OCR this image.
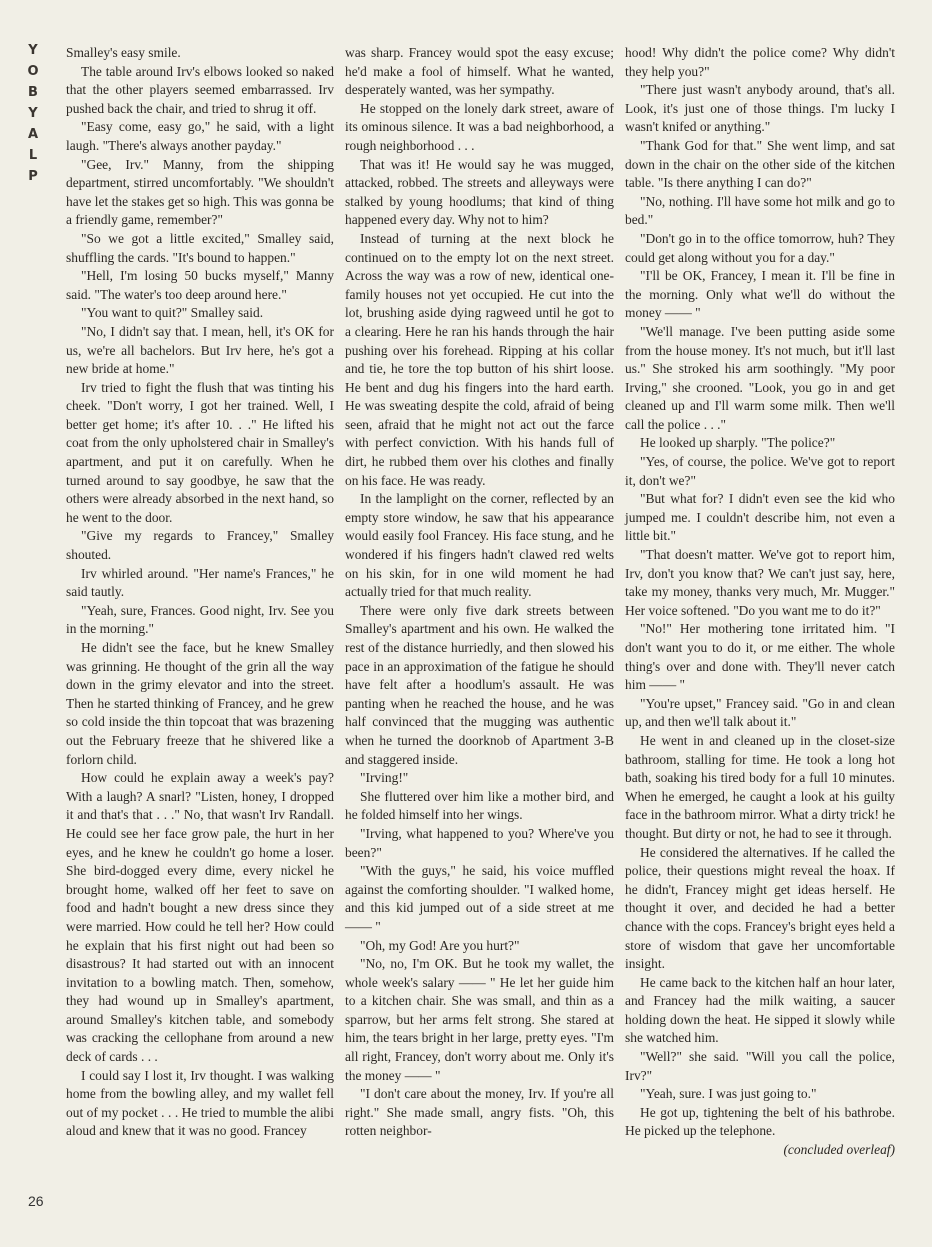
Y
O
B
Y
A
L
P

Smalley's easy smile.

The table around Irv's elbows looked so naked that the other players seemed embarrassed. Irv pushed back the chair, and tried to shrug it off.

"Easy come, easy go," he said, with a light laugh. "There's always another payday."

"Gee, Irv." Manny, from the shipping department, stirred uncomfortably. "We shouldn't have let the stakes get so high. This was gonna be a friendly game, remember?"

"So we got a little excited," Smalley said, shuffling the cards. "It's bound to happen."

"Hell, I'm losing 50 bucks myself," Manny said. "The water's too deep around here."

"You want to quit?" Smalley said.

"No, I didn't say that. I mean, hell, it's OK for us, we're all bachelors. But Irv here, he's got a new bride at home."

Irv tried to fight the flush that was tinting his cheek. "Don't worry, I got her trained. Well, I better get home; it's after 10. . ." He lifted his coat from the only upholstered chair in Smalley's apartment, and put it on carefully. When he turned around to say goodbye, he saw that the others were already absorbed in the next hand, so he went to the door.

"Give my regards to Francey," Smalley shouted.

Irv whirled around. "Her name's Frances," he said tautly.

"Yeah, sure, Frances. Good night, Irv. See you in the morning."

He didn't see the face, but he knew Smalley was grinning. He thought of the grin all the way down in the grimy elevator and into the street. Then he started thinking of Francey, and he grew so cold inside the thin topcoat that was brazening out the February freeze that he shivered like a forlorn child.

How could he explain away a week's pay? With a laugh? A snarl? "Listen, honey, I dropped it and that's that . . ." No, that wasn't Irv Randall. He could see her face grow pale, the hurt in her eyes, and he knew he couldn't go home a loser. She bird-dogged every dime, every nickel he brought home, walked off her feet to save on food and hadn't bought a new dress since they were married. How could he tell her? How could he explain that his first night out had been so disastrous? It had started out with an innocent invitation to a bowling match. Then, somehow, they had wound up in Smalley's apartment, around Smalley's kitchen table, and somebody was cracking the cellophane from around a new deck of cards . . .

I could say I lost it, Irv thought. I was walking home from the bowling alley, and my wallet fell out of my pocket . . . He tried to mumble the alibi aloud and knew that it was no good. Francey

was sharp. Francey would spot the easy excuse; he'd make a fool of himself. What he wanted, desperately wanted, was her sympathy.

He stopped on the lonely dark street, aware of its ominous silence. It was a bad neighborhood, a rough neighborhood . . .

That was it! He would say he was mugged, attacked, robbed. The streets and alleyways were stalked by young hoodlums; that kind of thing happened every day. Why not to him?

Instead of turning at the next block he continued on to the empty lot on the next street. Across the way was a row of new, identical one-family houses not yet occupied. He cut into the lot, brushing aside dying ragweed until he got to a clearing. Here he ran his hands through the hair pushing over his forehead. Ripping at his collar and tie, he tore the top button of his shirt loose. He bent and dug his fingers into the hard earth. He was sweating despite the cold, afraid of being seen, afraid that he might not act out the farce with perfect conviction. With his hands full of dirt, he rubbed them over his clothes and finally on his face. He was ready.

In the lamplight on the corner, reflected by an empty store window, he saw that his appearance would easily fool Francey. His face stung, and he wondered if his fingers hadn't clawed red welts on his skin, for in one wild moment he had actually tried for that much reality.

There were only five dark streets between Smalley's apartment and his own. He walked the rest of the distance hurriedly, and then slowed his pace in an approximation of the fatigue he should have felt after a hoodlum's assault. He was panting when he reached the house, and he was half convinced that the mugging was authentic when he turned the doorknob of Apartment 3-B and staggered inside.

"Irving!"

She fluttered over him like a mother bird, and he folded himself into her wings.

"Irving, what happened to you? Where've you been?"

"With the guys," he said, his voice muffled against the comforting shoulder. "I walked home, and this kid jumped out of a side street at me —— "

"Oh, my God! Are you hurt?"

"No, no, I'm OK. But he took my wallet, the whole week's salary —— " He let her guide him to a kitchen chair. She was small, and thin as a sparrow, but her arms felt strong. She stared at him, the tears bright in her large, pretty eyes. "I'm all right, Francey, don't worry about me. Only it's the money —— "

"I don't care about the money, Irv. If you're all right." She made small, angry fists. "Oh, this rotten neighbor-

hood! Why didn't the police come? Why didn't they help you?"

"There just wasn't anybody around, that's all. Look, it's just one of those things. I'm lucky I wasn't knifed or anything."

"Thank God for that." She went limp, and sat down in the chair on the other side of the kitchen table. "Is there anything I can do?"

"No, nothing. I'll have some hot milk and go to bed."

"Don't go in to the office tomorrow, huh? They could get along without you for a day."

"I'll be OK, Francey, I mean it. I'll be fine in the morning. Only what we'll do without the money —— "

"We'll manage. I've been putting aside some from the house money. It's not much, but it'll last us." She stroked his arm soothingly. "My poor Irving," she crooned. "Look, you go in and get cleaned up and I'll warm some milk. Then we'll call the police . . ."

He looked up sharply. "The police?"

"Yes, of course, the police. We've got to report it, don't we?"

"But what for? I didn't even see the kid who jumped me. I couldn't describe him, not even a little bit."

"That doesn't matter. We've got to report him, Irv, don't you know that? We can't just say, here, take my money, thanks very much, Mr. Mugger." Her voice softened. "Do you want me to do it?"

"No!" Her mothering tone irritated him. "I don't want you to do it, or me either. The whole thing's over and done with. They'll never catch him —— "

"You're upset," Francey said. "Go in and clean up, and then we'll talk about it."

He went in and cleaned up in the closet-size bathroom, stalling for time. He took a long hot bath, soaking his tired body for a full 10 minutes. When he emerged, he caught a look at his guilty face in the bathroom mirror. What a dirty trick! he thought. But dirty or not, he had to see it through.

He considered the alternatives. If he called the police, their questions might reveal the hoax. If he didn't, Francey might get ideas herself. He thought it over, and decided he had a better chance with the cops. Francey's bright eyes held a store of wisdom that gave her uncomfortable insight.

He came back to the kitchen half an hour later, and Francey had the milk waiting, a saucer holding down the heat. He sipped it slowly while she watched him.

"Well?" she said. "Will you call the police, Irv?"

"Yeah, sure. I was just going to."

He got up, tightening the belt of his bathrobe. He picked up the telephone.

(concluded overleaf)
26
